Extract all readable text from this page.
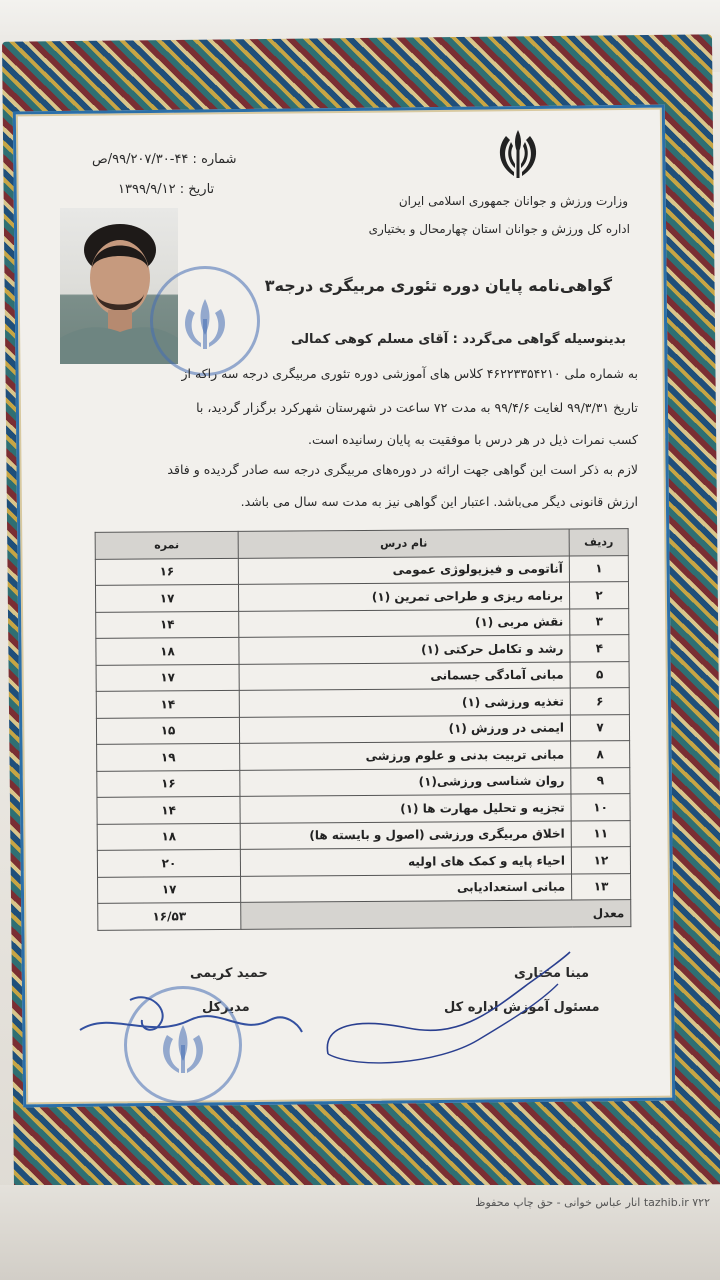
وزارت ورزش و جوانان جمهوری اسلامی ایران
اداره کل ورزش و جوانان استان چهارمحال و بختیاری
شماره : ۴۴-۹۹/۲۰۷/۳۰/ص
تاریخ : ۱۳۹۹/۹/۱۲
گواهی‌نامه پایان دوره تئوری مربیگری درجه۳
بدینوسیله گواهی می‌گردد : آقای مسلم کوهی کمالی
به شماره ملی ۴۶۲۲۳۳۵۴۲۱۰ کلاس های آموزشی دوره تئوری مربیگری درجه سه راکه از
تاریخ ۹۹/۳/۳۱ لغایت ۹۹/۴/۶ به مدت ۷۲ ساعت در شهرستان شهرکرد برگزار گردید، با
کسب نمرات ذیل در هر درس با موفقیت به پایان رسانیده است.
لازم به ذکر است این گواهی جهت ارائه در دوره‌های مربیگری درجه سه صادر گردیده و فاقد
ارزش قانونی دیگر می‌باشد. اعتبار این گواهی نیز به مدت سه سال می باشد.
ردیف	نام درس	نمره
۱	آناتومی و فیزیولوژی عمومی	۱۶
۲	برنامه ریزی و طراحی تمرین (۱)	۱۷
۳	نقش مربی (۱)	۱۴
۴	رشد و تکامل حرکتی (۱)	۱۸
۵	مبانی آمادگی جسمانی	۱۷
۶	تغذیه ورزشی (۱)	۱۴
۷	ایمنی در ورزش (۱)	۱۵
۸	مبانی تربیت بدنی و علوم ورزشی	۱۹
۹	روان شناسی ورزشی(۱)	۱۶
۱۰	تجزیه و تحلیل مهارت ها (۱)	۱۴
۱۱	اخلاق مربیگری ورزشی (اصول و بایسته ها)	۱۸
۱۲	احیاء پایه و کمک های اولیه	۲۰
۱۳	مبانی استعدادیابی	۱۷
معدل		۱۶/۵۳
حمید کریمی
مدیرکل
مینا مختاری
مسئول آموزش اداره کل
tazhib.ir ۷۲۲ انار عباس خوانی - حق چاپ محفوظ
